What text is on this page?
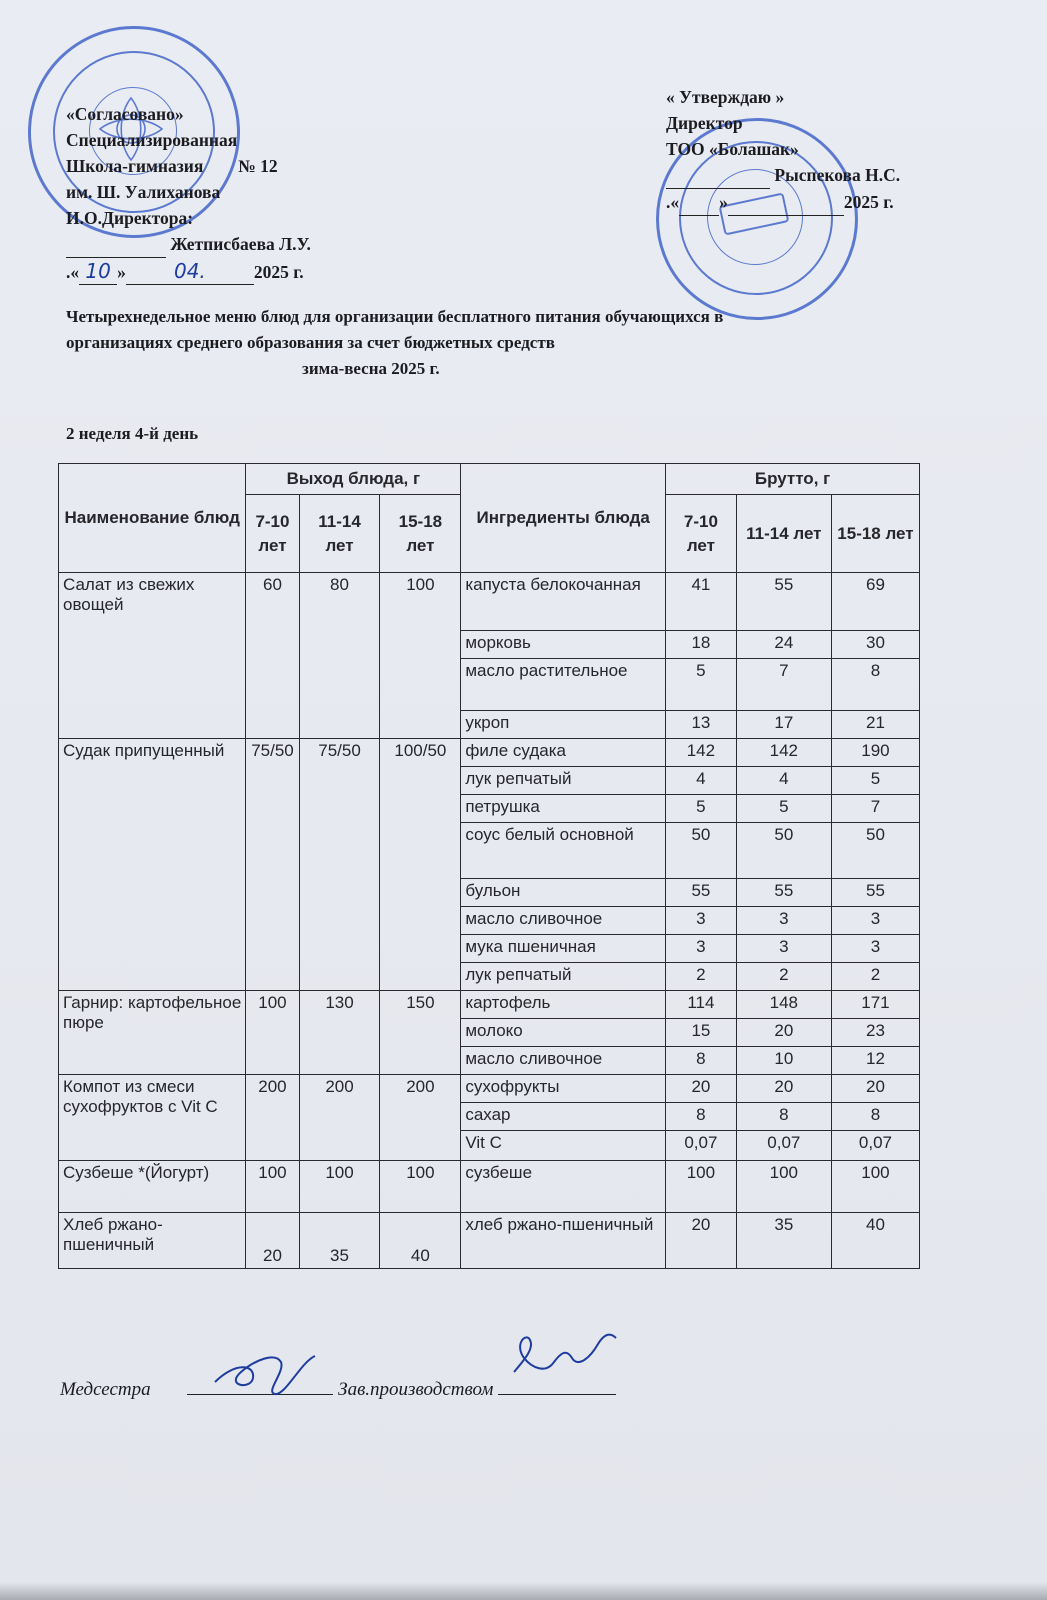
«Согласовано»
Специализированная
Школа-гимназия № 12
им. Ш. Уалиханова
И.О.Директора:
Жетписбаева Л.У.
.« 10 » 04.	2025 г.
« Утверждаю »
Директор
ТОО «Болашак»
Рыспекова Н.С.
.« »	2025 г.
Четырехнедельное меню блюд для организации бесплатного питания обучающихся в
организациях среднего образования за счет бюджетных средств
зима-весна 2025 г.
2 неделя 4-й день
Наименование блюд	Выход блюда, г			Ингредиенты блюда	Брутто, г		
	7-10 лет	11-14 лет	15-18 лет		7-10 лет	11-14 лет	15-18 лет
Салат из свежих овощей	60	80	100	капуста белокочанная	41	55	69
				морковь	18	24	30
				масло растительное	5	7	8
				укроп	13	17	21
Судак припущенный	75/50	75/50	100/50	филе судака	142	142	190
				лук репчатый	4	4	5
				петрушка	5	5	7
				соус белый основной	50	50	50
				бульон	55	55	55
				масло сливочное	3	3	3
				мука пшеничная	3	3	3
				лук репчатый	2	2	2
Гарнир: картофельное пюре	100	130	150	картофель	114	148	171
				молоко	15	20	23
				масло сливочное	8	10	12
Компот из смеси сухофруктов с Vit C	200	200	200	сухофрукты	20	20	20
				сахар	8	8	8
				Vit C	0,07	0,07	0,07
Сузбеше *(Йогурт)	100	100	100	сузбеше	100	100	100
Хлеб ржано-пшеничный	20	35	40	хлеб ржано-пшеничный	20	35	40
Медсестра	Зав.производством
